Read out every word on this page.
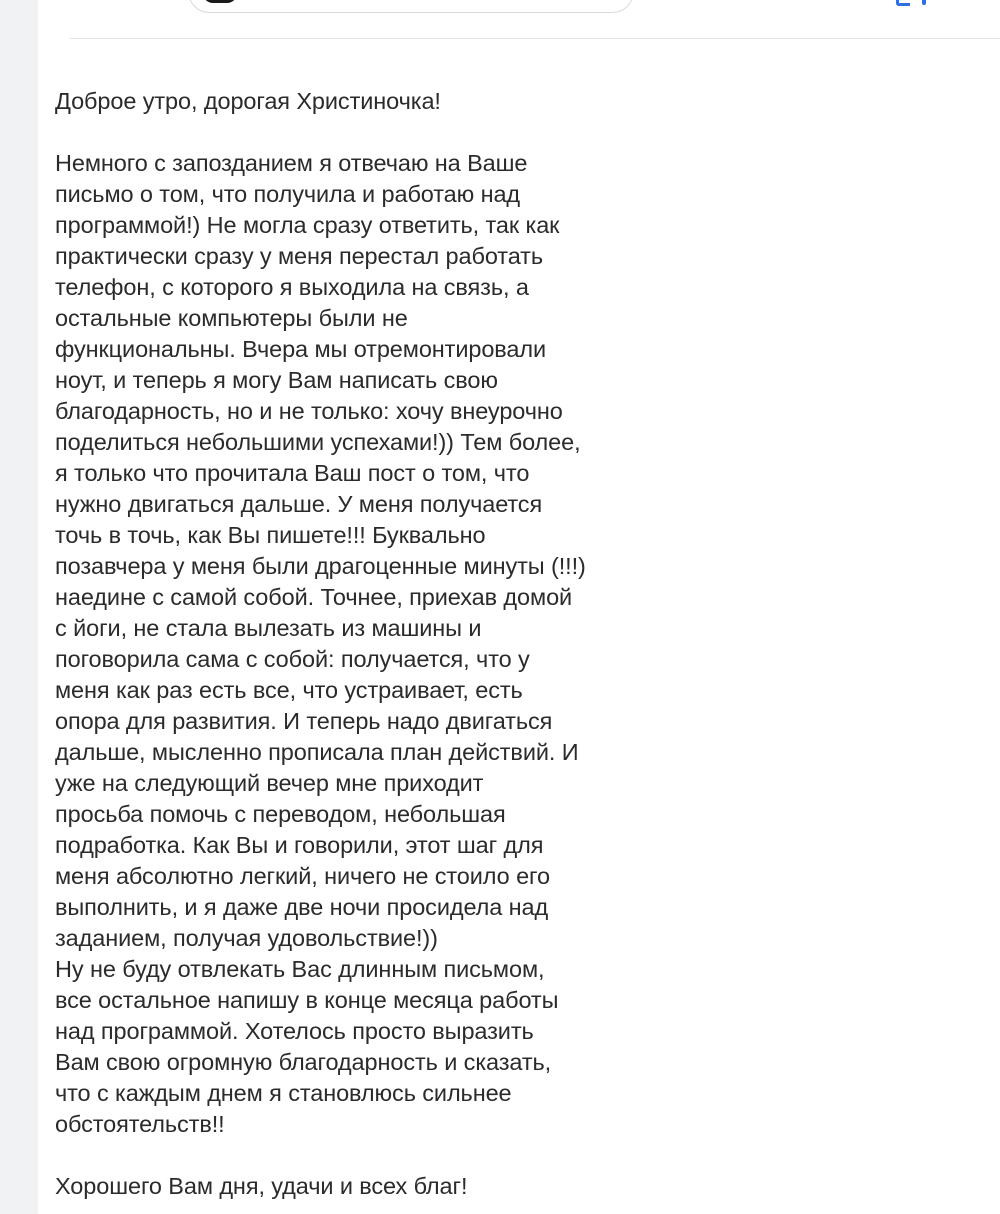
Доброе утро, дорогая Христиночка!

Немного с запозданием я отвечаю на Ваше

письмо о том, что получила и работаю над

программой!) Не могла сразу ответить, так как

практически сразу у меня перестал работать

телефон, с которого я выходила на связь, а

остальные компьютеры были не

функциональны. Вчера мы отремонтировали

ноут, и теперь я могу Вам написать свою

благодарность, но и не только: хочу внеурочно

поделиться небольшими успехами!)) Тем более,

я только что прочитала Ваш пост о том, что

нужно двигаться дальше. У меня получается

точь в точь, как Вы пишете!!! Буквально

позавчера у меня были драгоценные минуты (!!!)

наедине с самой собой. Точнее, приехав домой

с йоги, не стала вылезать из машины и

поговорила сама с собой: получается, что у

меня как раз есть все, что устраивает, есть

опора для развития. И теперь надо двигаться

дальше, мысленно прописала план действий. И

уже на следующий вечер мне приходит

просьба помочь с переводом, небольшая

подработка. Как Вы и говорили, этот шаг для

меня абсолютно легкий, ничего не стоило его

выполнить, и я даже две ночи просидела над

заданием, получая удовольствие!))

Ну не буду отвлекать Вас длинным письмом,

все остальное напишу в конце месяца работы

над программой. Хотелось просто выразить

Вам свою огромную благодарность и сказать,

что с каждым днем я становлюсь сильнее

обстоятельств!!

Хорошего Вам дня, удачи и всех благ!
